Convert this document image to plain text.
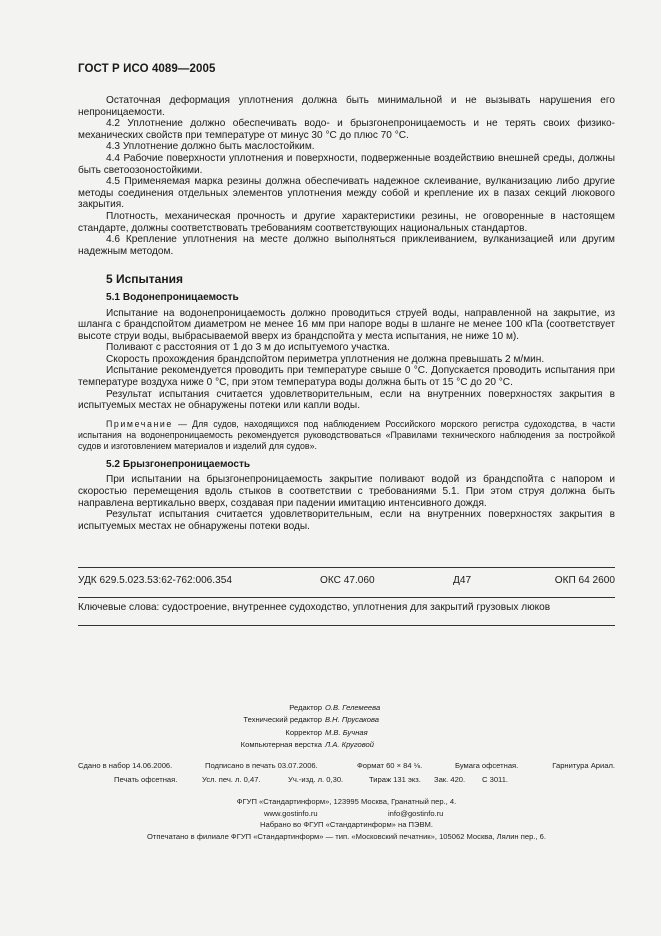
ГОСТ Р ИСО 4089—2005

Остаточная деформация уплотнения должна быть минимальной и не вызывать нарушения его непроницаемости.

4.2 Уплотнение должно обеспечивать водо- и брызгонепроницаемость и не терять своих физико-механических свойств при температуре от минус 30 °С до плюс 70 °С.

4.3 Уплотнение должно быть маслостойким.

4.4 Рабочие поверхности уплотнения и поверхности, подверженные воздействию внешней среды, должны быть светоозоностойкими.

4.5 Применяемая марка резины должна обеспечивать надежное склеивание, вулканизацию либо другие методы соединения отдельных элементов уплотнения между собой и крепление их в пазах секций люкового закрытия.

Плотность, механическая прочность и другие характеристики резины, не оговоренные в настоящем стандарте, должны соответствовать требованиям соответствующих национальных стандартов.

4.6 Крепление уплотнения на месте должно выполняться приклеиванием, вулканизацией или другим надежным методом.

5 Испытания
5.1 Водонепроницаемость

Испытание на водонепроницаемость должно проводиться струей воды, направленной на закрытие, из шланга с брандспойтом диаметром не менее 16 мм при напоре воды в шланге не менее 100 кПа (соответствует высоте струи воды, выбрасываемой вверх из брандспойта у места испытания, не ниже 10 м).

Поливают с расстояния от 1 до 3 м до испытуемого участка.

Скорость прохождения брандспойтом периметра уплотнения не должна превышать 2 м/мин.

Испытание рекомендуется проводить при температуре свыше 0 °С. Допускается проводить испытания при температуре воздуха ниже 0 °С, при этом температура воды должна быть от 15 °С до 20 °С.

Результат испытания считается удовлетворительным, если на внутренних поверхностях закрытия в испытуемых местах не обнаружены потеки или капли воды.

Примечание — Для судов, находящихся под наблюдением Российского морского регистра судоходства, в части испытания на водонепроницаемость рекомендуется руководствоваться «Правилами технического наблюдения за постройкой судов и изготовлением материалов и изделий для судов».

5.2 Брызгонепроницаемость

При испытании на брызгонепроницаемость закрытие поливают водой из брандспойта с напором и скоростью перемещения вдоль стыков в соответствии с требованиями 5.1. При этом струя должна быть направлена вертикально вверх, создавая при падении имитацию интенсивного дождя.

Результат испытания считается удовлетворительным, если на внутренних поверхностях закрытия в испытуемых местах не обнаружены потеки воды.

УДК 629.5.023.53:62-762:006.354	ОКС 47.060	Д47	ОКП 64 2600
Ключевые слова: судостроение, внутреннее судоходство, уплотнения для закрытий грузовых люков
Редактор О.В. Гелемеева
Технический редактор В.Н. Прусакова
Корректор М.В. Бучная
Компьютерная верстка Л.А. Круговой
Сдано в набор 14.06.2006.	Подписано в печать 03.07.2006.	Формат 60 × 84 ⅛.	Бумага офсетная.	Гарнитура Ариал.
Печать офсетная.	Усл. печ. л. 0,47.	Уч.-изд. л. 0,30.	Тираж 131 экз. Зак. 420. С 3011.
ФГУП «Стандартинформ», 123995 Москва, Гранатный пер., 4.
www.gostinfo.ru	info@gostinfo.ru
Набрано во ФГУП «Стандартинформ» на ПЭВМ.
Отпечатано в филиале ФГУП «Стандартинформ» — тип. «Московский печатник», 105062 Москва, Лялин пер., 6.
